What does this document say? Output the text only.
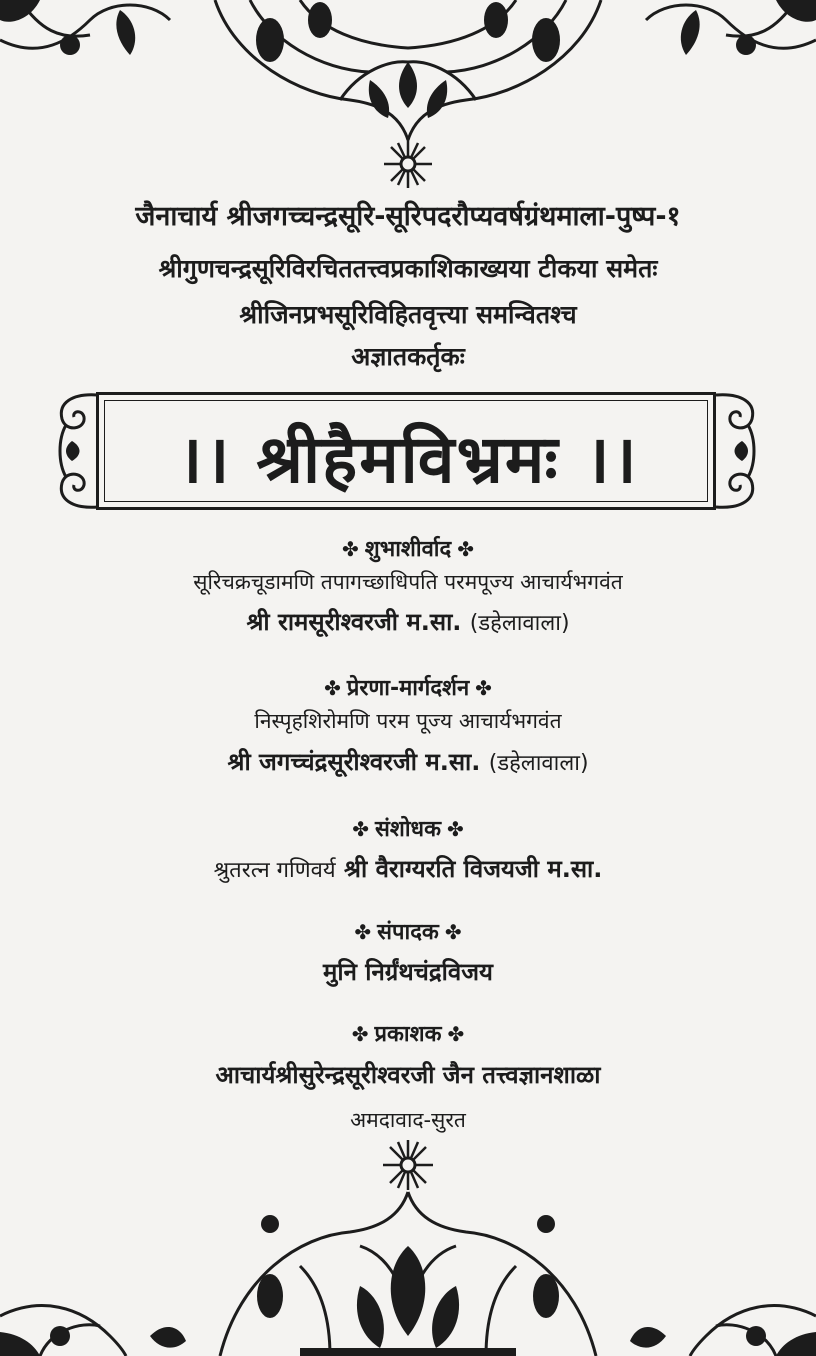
जैनाचार्य श्रीजगच्चन्द्रसूरि-सूरिपदरौप्यवर्षग्रंथमाला-पुष्प-१
श्रीगुणचन्द्रसूरिविरचिततत्त्वप्रकाशिकाख्यया टीकया समेतः
श्रीजिनप्रभसूरिविहितवृत्त्या समन्वितश्च
अज्ञातकर्तृकः
।। श्रीहैमविभ्रमः ।।
✤ शुभाशीर्वाद ✤
सूरिचक्रचूडामणि तपागच्छाधिपति परमपूज्य आचार्यभगवंत
श्री रामसूरीश्वरजी म.सा. (डहेलावाला)
✤ प्रेरणा-मार्गदर्शन ✤
निस्पृहशिरोमणि परम पूज्य आचार्यभगवंत
श्री जगच्चंद्रसूरीश्वरजी म.सा. (डहेलावाला)
✤ संशोधक ✤
श्रुतरत्न गणिवर्य श्री वैराग्यरति विजयजी म.सा.
✤ संपादक ✤
मुनि निर्ग्रंथचंद्रविजय
✤ प्रकाशक ✤
आचार्यश्रीसुरेन्द्रसूरीश्वरजी जैन तत्त्वज्ञानशाळा
अमदावाद-सुरत
